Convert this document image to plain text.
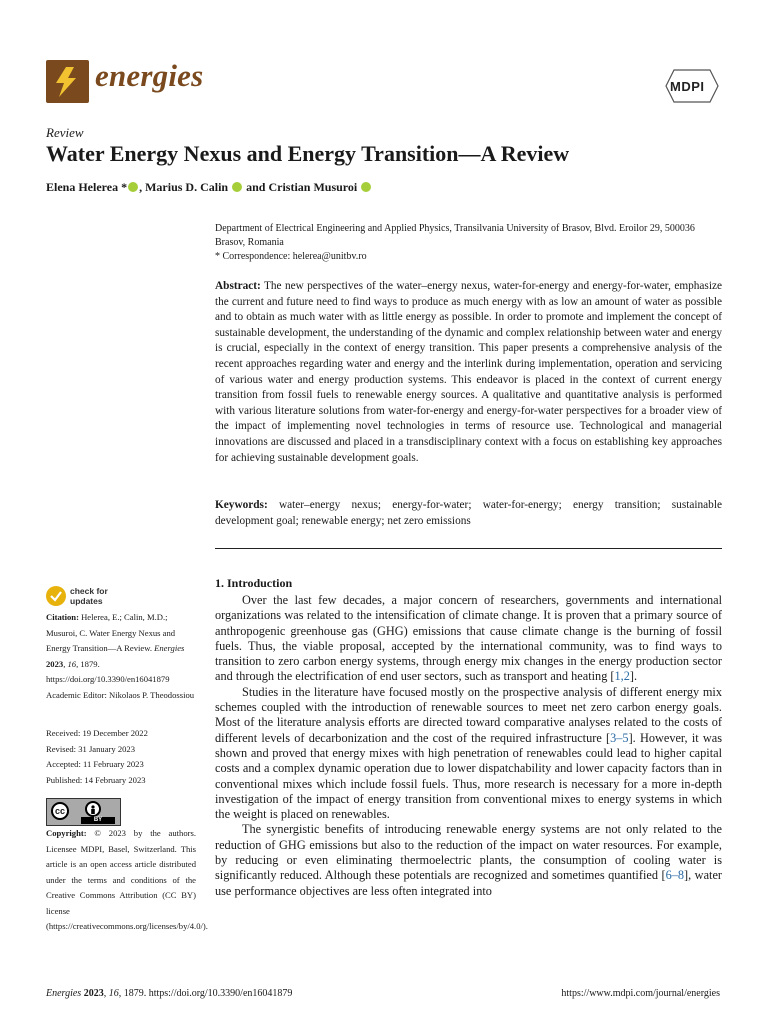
energies	MDPI
Review
Water Energy Nexus and Energy Transition—A Review
Elena Helerea * , Marius D. Calin  and Cristian Musuroi
Department of Electrical Engineering and Applied Physics, Transilvania University of Brasov, Blvd. Eroilor 29, 500036 Brasov, Romania
* Correspondence: helerea@unitbv.ro
Abstract: The new perspectives of the water–energy nexus, water-for-energy and energy-for-water, emphasize the current and future need to find ways to produce as much energy with as low an amount of water as possible and to obtain as much water with as little energy as possible. In order to promote and implement the concept of sustainable development, the understanding of the dynamic and complex relationship between water and energy is crucial, especially in the context of energy transition. This paper presents a comprehensive analysis of the recent approaches regarding water and energy and the interlink during implementation, operation and servicing of various water and energy production systems. This endeavor is placed in the context of current energy transition from fossil fuels to renewable energy sources. A qualitative and quantitative analysis is performed with various literature solutions from water-for-energy and energy-for-water perspectives for a broader view of the impact of implementing novel technologies in terms of resource use. Technological and managerial innovations are discussed and placed in a transdisciplinary context with a focus on establishing key approaches for achieving sustainable development goals.
Keywords: water–energy nexus; energy-for-water; water-for-energy; energy transition; sustainable development goal; renewable energy; net zero emissions
1. Introduction

Over the last few decades, a major concern of researchers, governments and international organizations was related to the intensification of climate change. It is proven that a primary source of anthropogenic greenhouse gas (GHG) emissions that cause climate change is the burning of fossil fuels. Thus, the viable proposal, accepted by the international community, was to find ways to transition to zero carbon energy systems, through energy mix changes in the energy production sector and through the electrification of end user sectors, such as transport and heating [1,2].

Studies in the literature have focused mostly on the prospective analysis of different energy mix schemes coupled with the introduction of renewable sources to meet net zero carbon energy goals. Most of the literature analysis efforts are directed toward comparative analyses related to the costs of different levels of decarbonization and the cost of the required infrastructure [3–5]. However, it was shown and proved that energy mixes with high penetration of renewables could lead to higher capital costs and a complex dynamic operation due to lower dispatchability and lower capacity factors than in conventional mixes which include fossil fuels. Thus, more research is necessary for a more in-depth investigation of the impact of energy transition from conventional mixes to energy systems in which the weight is placed on renewables.

The synergistic benefits of introducing renewable energy systems are not only related to the reduction of GHG emissions but also to the reduction of the impact on water resources. For example, by reducing or even eliminating thermoelectric plants, the consumption of cooling water is significantly reduced. Although these potentials are recognized and sometimes quantified [6–8], water use performance objectives are less often integrated into

check for
updates
Citation: Helerea, E.; Calin, M.D.; Musuroi, C. Water Energy Nexus and Energy Transition—A Review. Energies 2023, 16, 1879. https://doi.org/10.3390/en16041879
Academic Editor: Nikolaos P. Theodossiou
Received: 19 December 2022
Revised: 31 January 2023
Accepted: 11 February 2023
Published: 14 February 2023
cc
BY
Copyright: © 2023 by the authors. Licensee MDPI, Basel, Switzerland. This article is an open access article distributed under the terms and conditions of the Creative Commons Attribution (CC BY) license (https://creativecommons.org/licenses/by/4.0/).
Energies 2023, 16, 1879. https://doi.org/10.3390/en16041879	https://www.mdpi.com/journal/energies
